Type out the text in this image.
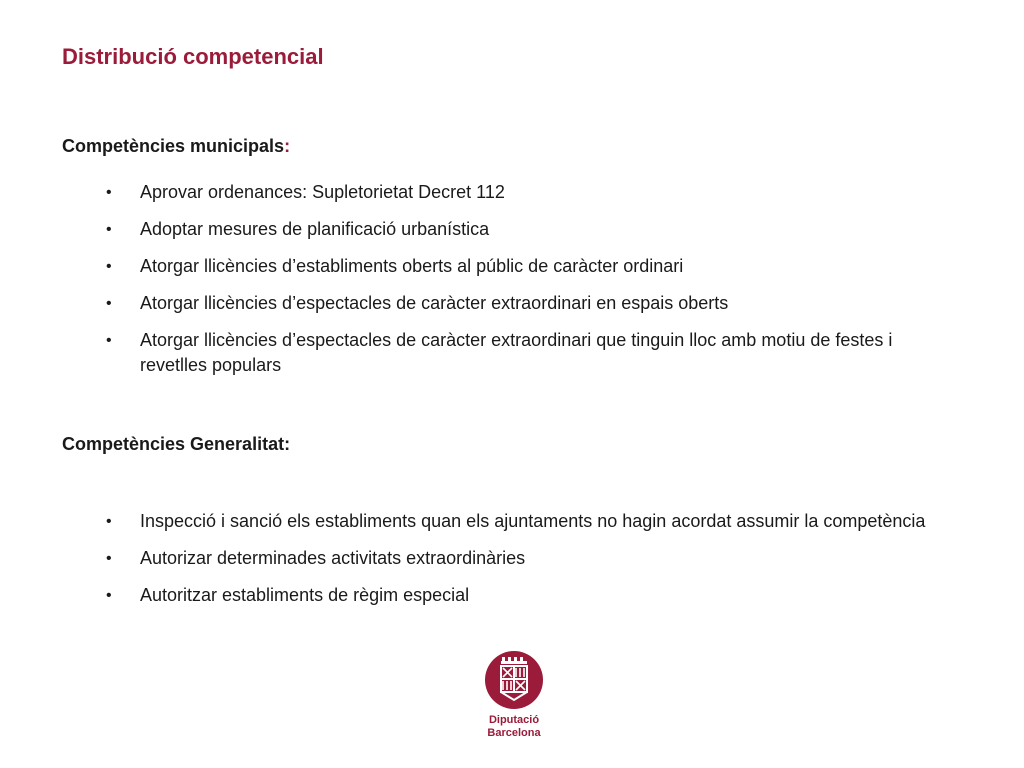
Distribució competencial
Competències municipals:
• Aprovar ordenances: Supletorietat Decret 112
• Adoptar mesures de planificació urbanística
• Atorgar llicències d’establiments oberts al públic de caràcter ordinari
• Atorgar llicències d’espectacles de caràcter extraordinari en espais oberts
• Atorgar llicències d’espectacles de caràcter extraordinari que tinguin lloc amb motiu de festes i revetlles populars
Competències Generalitat:
• Inspecció i sanció els establiments quan els ajuntaments no hagin acordat assumir la competència
• Autorizar determinades activitats extraordinàries
• Autoritzar establiments de règim especial
Diputació
Barcelona
